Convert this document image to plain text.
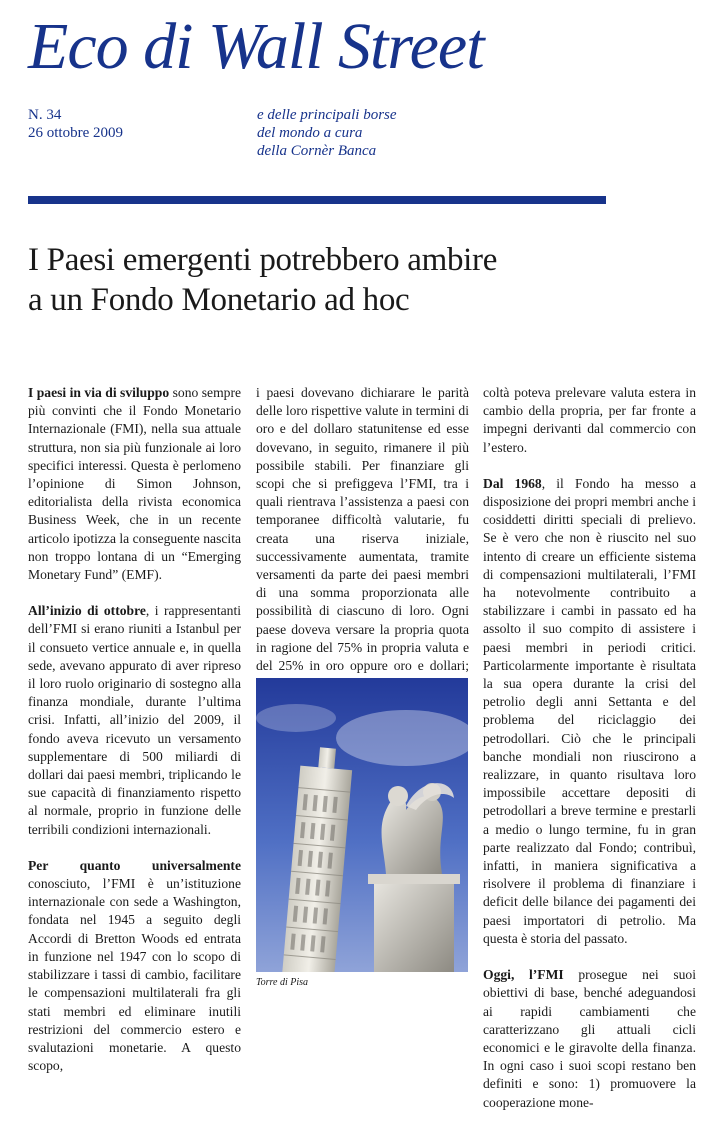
Eco di Wall Street
N. 34
26 ottobre 2009
e delle principali borse
del mondo a cura
della Cornèr Banca
I Paesi emergenti potrebbero ambire
a un Fondo Monetario ad hoc

I paesi in via di sviluppo sono sempre più convinti che il Fondo Monetario Internazionale (FMI), nella sua attuale struttura, non sia più funzionale ai loro specifici interessi. Questa è perlomeno l’opinione di Simon Johnson, editorialista della rivista economica Business Week, che in un recente articolo ipotizza la conseguente nascita non troppo lontana di un “Emerging Monetary Fund” (EMF).

All’inizio di ottobre, i rappresentanti dell’FMI si erano riuniti a Istanbul per il consueto vertice annuale e, in quella sede, avevano appurato di aver ripreso il loro ruolo originario di sostegno alla finanza mondiale, durante l’ultima crisi. Infatti, all’inizio del 2009, il fondo aveva ricevuto un versamento supplementare di 500 miliardi di dollari dai paesi membri, triplicando le sue capacità di finanziamento rispetto al normale, proprio in funzione delle terribili condizioni internazionali.

Per quanto universalmente conosciuto, l’FMI è un’istituzione internazionale con sede a Washington, fondata nel 1945 a seguito degli Accordi di Bretton Woods ed entrata in funzione nel 1947 con lo scopo di stabilizzare i tassi di cambio, facilitare le compensazioni multilaterali fra gli stati membri ed eliminare inutili restrizioni del commercio estero e svalutazioni monetarie. A questo scopo,

i paesi dovevano dichiarare le parità delle loro rispettive valute in termini di oro e del dollaro statunitense ed esse dovevano, in seguito, rimanere il più possibile stabili. Per finanziare gli scopi che si prefiggeva l’FMI, tra i quali rientrava l’assistenza a paesi con temporanee difficoltà valutarie, fu creata una riserva iniziale, successivamente aumentata, tramite versamenti da parte dei paesi membri di una somma proporzionata alle possibilità di ciascuno di loro. Ogni paese doveva versare la propria quota in ragione del 75% in propria valuta e del 25% in oro oppure oro e dollari;

Torre di Pisa

coltà poteva prelevare valuta estera in cambio della propria, per far fronte a impegni derivanti dal commercio con l’estero.

Dal 1968, il Fondo ha messo a disposizione dei propri membri anche i cosiddetti diritti speciali di prelievo. Se è vero che non è riuscito nel suo intento di creare un efficiente sistema di compensazioni multilaterali, l’FMI ha notevolmente contribuito a stabilizzare i cambi in passato ed ha assolto il suo compito di assistere i paesi membri in periodi critici. Particolarmente importante è risultata la sua opera durante la crisi del petrolio degli anni Settanta e del problema del riciclaggio dei petrodollari. Ciò che le principali banche mondiali non riuscirono a realizzare, in quanto risultava loro impossibile accettare depositi di petrodollari a breve termine e prestarli a medio o lungo termine, fu in gran parte realizzato dal Fondo; contribuì, infatti, in maniera significativa a risolvere il problema di finanziare i deficit delle bilance dei pagamenti dei paesi importatori di petrolio. Ma questa è storia del passato.

Oggi, l’FMI prosegue nei suoi obiettivi di base, benché adeguandosi ai rapidi cambiamenti che caratterizzano gli attuali cicli economici e le giravolte della finanza. In ogni caso i suoi scopi restano ben definiti e sono: 1) promuovere la cooperazione mone-
